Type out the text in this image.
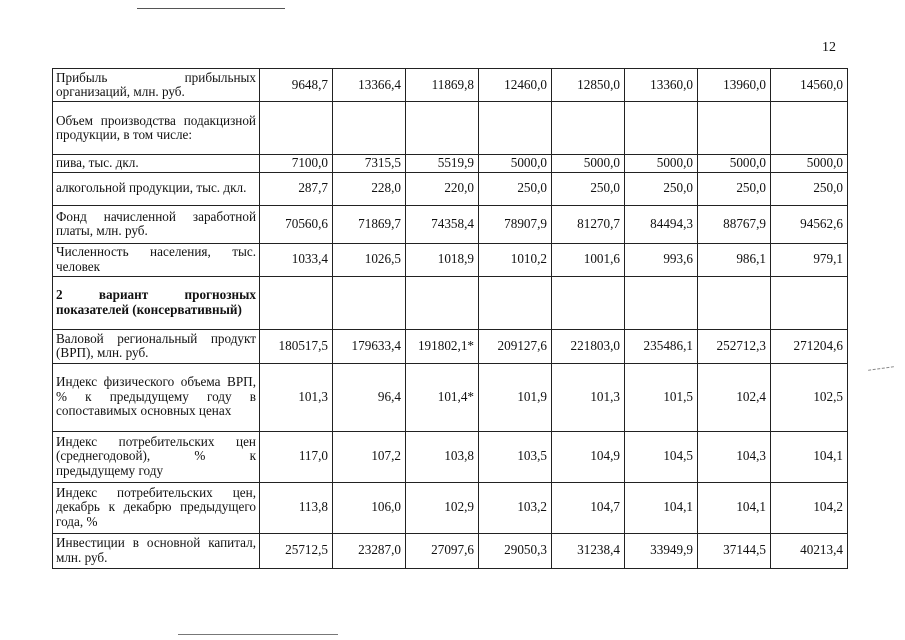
12
Прибыль прибыльных организаций, млн. руб.	9648,7	13366,4	11869,8	12460,0	12850,0	13360,0	13960,0	14560,0
Объем производства подакцизной продукции, в том числе:								
пива, тыс. дкл.	7100,0	7315,5	5519,9	5000,0	5000,0	5000,0	5000,0	5000,0
алкогольной продукции, тыс. дкл.	287,7	228,0	220,0	250,0	250,0	250,0	250,0	250,0
Фонд начисленной заработной платы, млн. руб.	70560,6	71869,7	74358,4	78907,9	81270,7	84494,3	88767,9	94562,6
Численность населения, тыс. человек	1033,4	1026,5	1018,9	1010,2	1001,6	993,6	986,1	979,1
2 вариант прогнозных показателей (консервативный)								
Валовой региональный продукт (ВРП), млн. руб.	180517,5	179633,4	191802,1*	209127,6	221803,0	235486,1	252712,3	271204,6
Индекс физического объема ВРП, % к предыдущему году в сопоставимых основных ценах	101,3	96,4	101,4*	101,9	101,3	101,5	102,4	102,5
Индекс потребительских цен (среднегодовой), % к предыдущему году	117,0	107,2	103,8	103,5	104,9	104,5	104,3	104,1
Индекс потребительских цен, декабрь к декабрю предыдущего года, %	113,8	106,0	102,9	103,2	104,7	104,1	104,1	104,2
Инвестиции в основной капитал, млн. руб.	25712,5	23287,0	27097,6	29050,3	31238,4	33949,9	37144,5	40213,4
